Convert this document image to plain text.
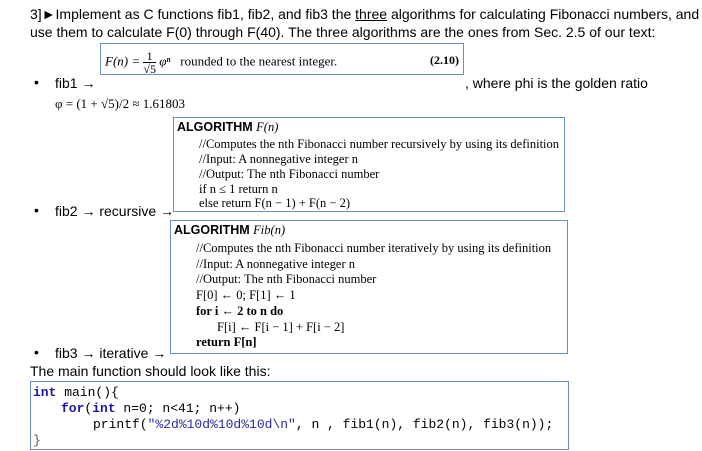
3]►Implement as C functions fib1, fib2, and fib3 the three algorithms for calculating Fibonacci numbers, and
use them to calculate F(0) through F(40). The three algorithms are the ones from Sec. 2.5 of our text:
$F(n) = \frac{1}{√5}$ φⁿ rounded to the nearest integer.	(2.10)
• fib1 →	, where phi is the golden ratio
φ = (1 + √5)/2 ≈ 1.61803
ALGORITHM F(n)
//Computes the nth Fibonacci number recursively by using its definition
//Input: A nonnegative integer n
//Output: The nth Fibonacci number
if n ≤ 1 return n
else return F(n − 1) + F(n − 2)
• fib2 → recursive →
ALGORITHM Fib(n)
//Computes the nth Fibonacci number iteratively by using its definition
//Input: A nonnegative integer n
//Output: The nth Fibonacci number
F[0] ← 0; F[1] ← 1
for i ← 2 to n do
F[i] ← F[i − 1] + F[i − 2]
return F[n]
• fib3 → iterative →
The main function should look like this:
int main(){
for(int n=0; n<41; n++)
printf("%2d%10d%10d%10d\n", n , fib1(n), fib2(n), fib3(n));
}
